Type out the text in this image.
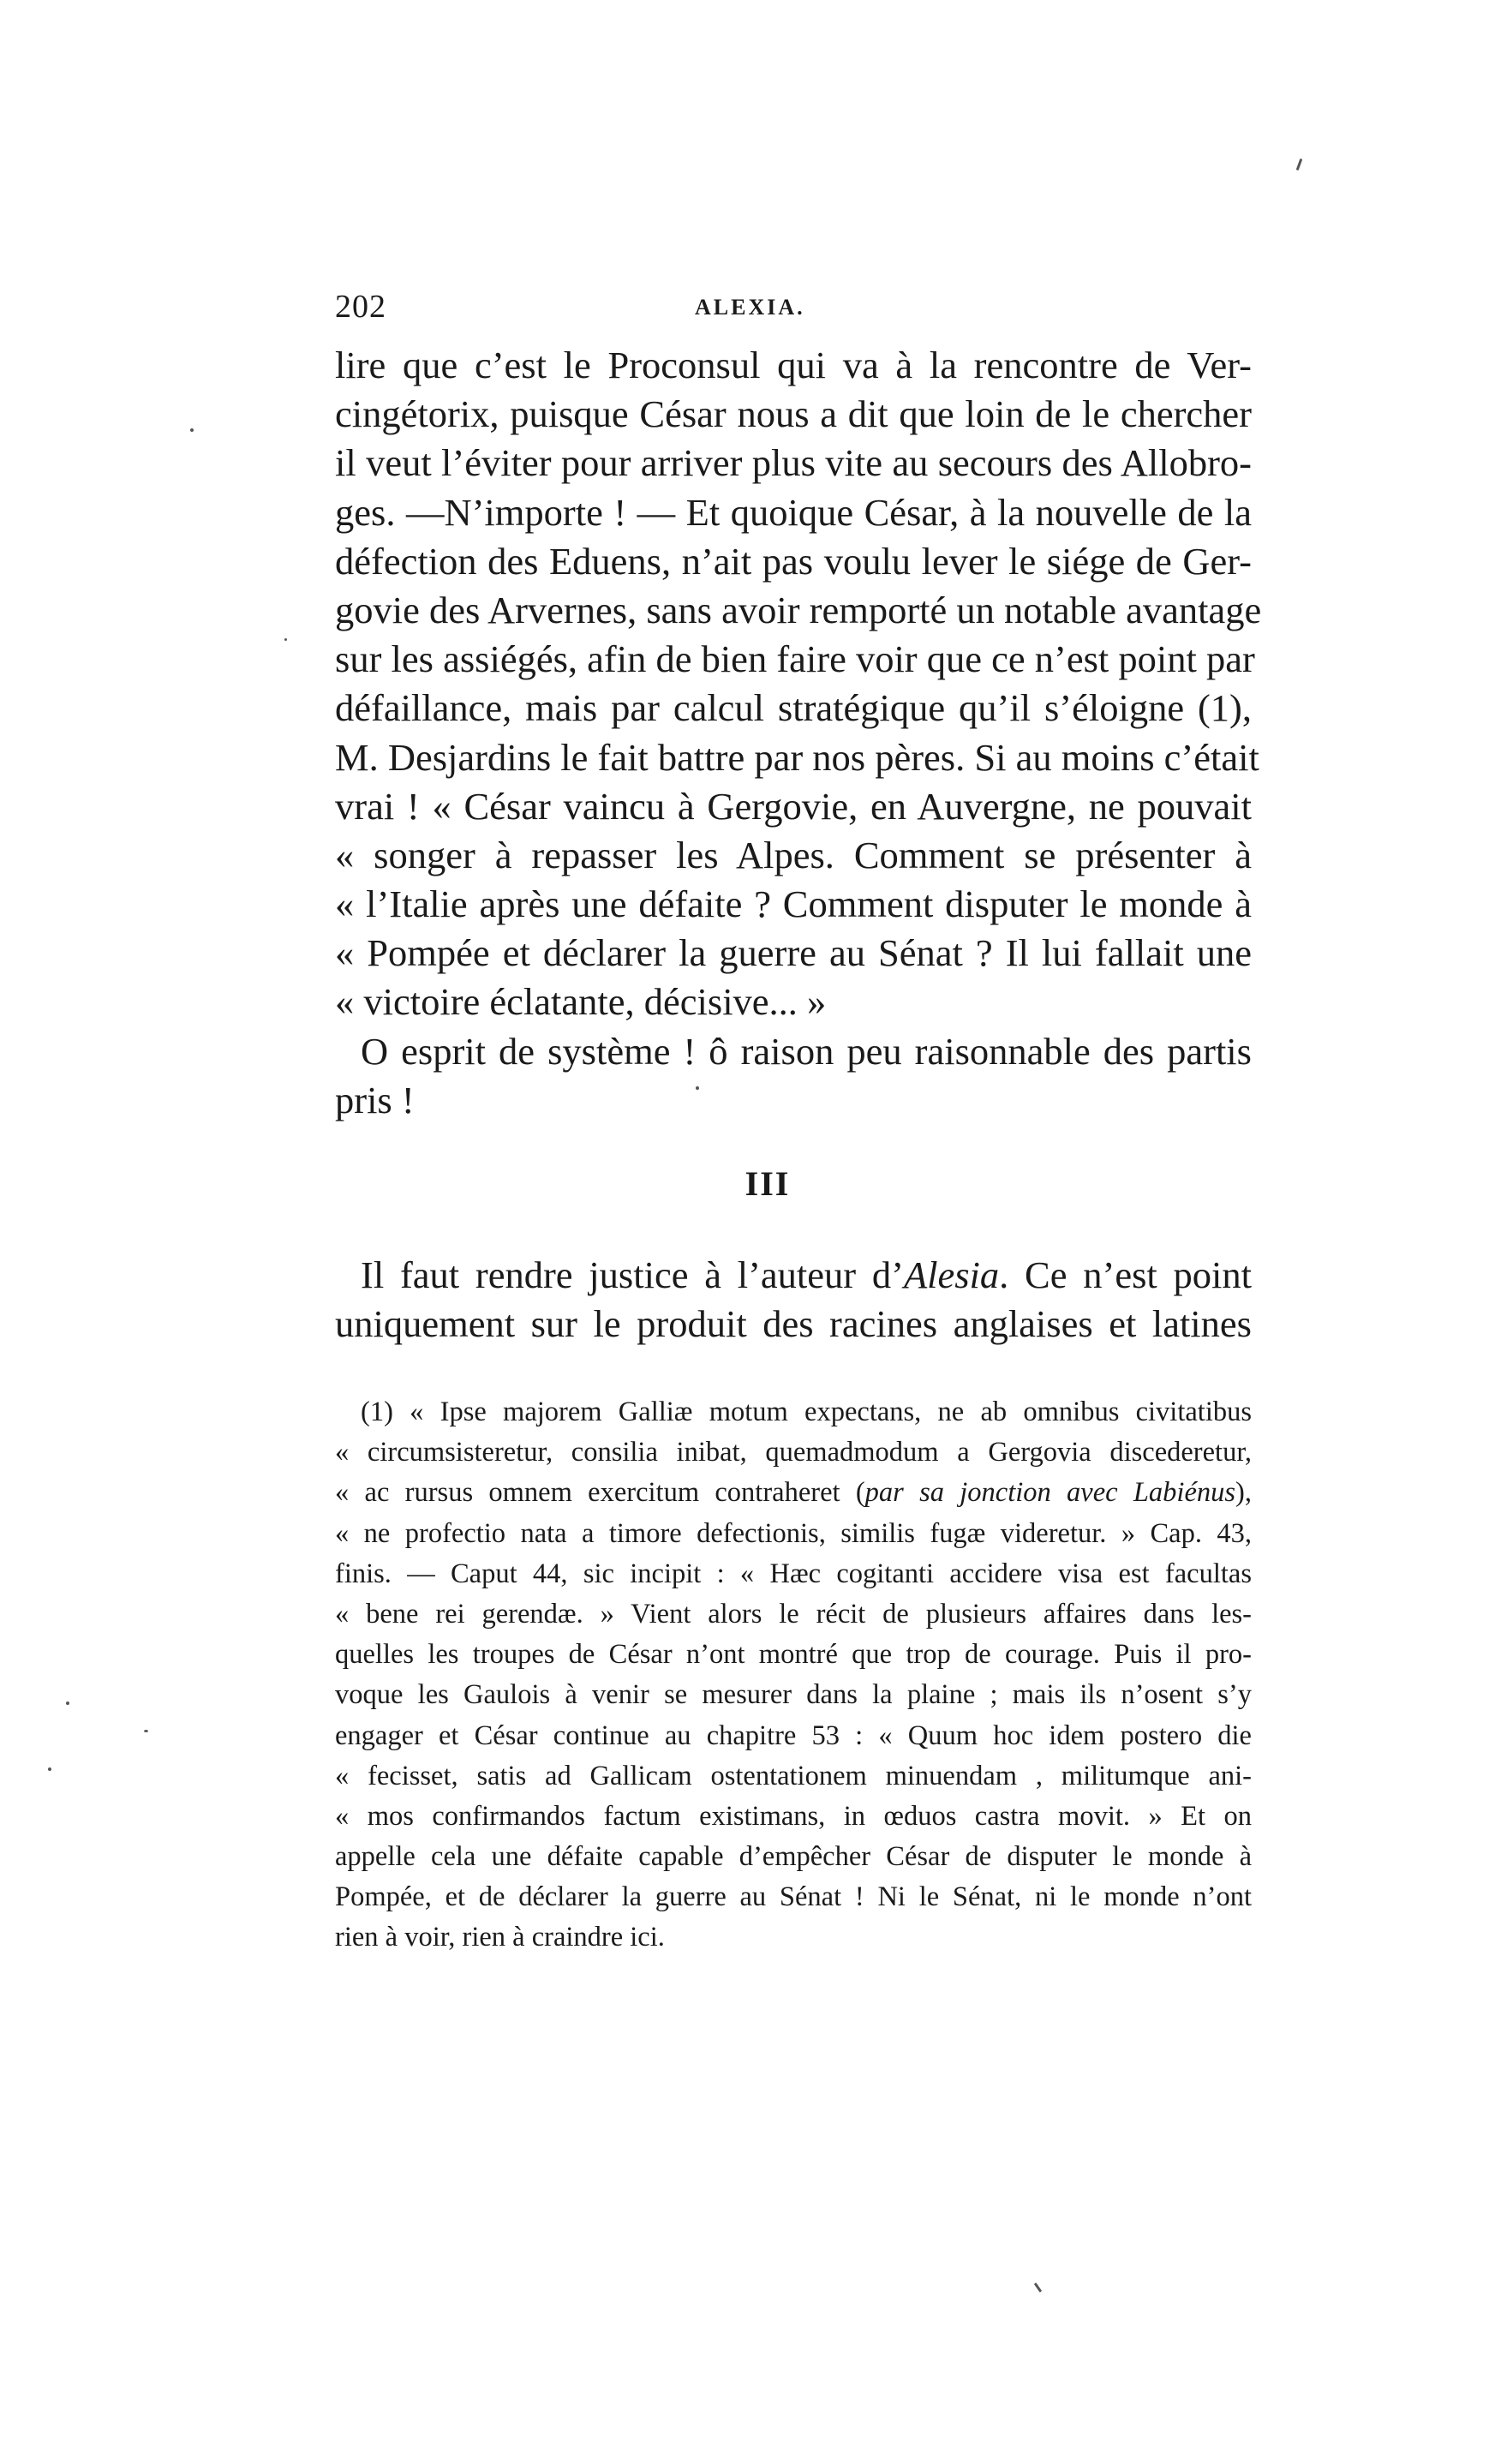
202	ALEXIA.
lire que c’est le Proconsul qui va à la rencontre de Ver-
cingétorix, puisque César nous a dit que loin de le chercher
il veut l’éviter pour arriver plus vite au secours des Allobro-
ges. —N’importe ! — Et quoique César, à la nouvelle de la
défection des Eduens, n’ait pas voulu lever le siége de Ger-
govie des Arvernes, sans avoir remporté un notable avantage
sur les assiégés, afin de bien faire voir que ce n’est point par
défaillance, mais par calcul stratégique qu’il s’éloigne (1),
M. Desjardins le fait battre par nos pères. Si au moins c’était
vrai ! « César vaincu à Gergovie, en Auvergne, ne pouvait
« songer à repasser les Alpes. Comment se présenter à
« l’Italie après une défaite ? Comment disputer le monde à
« Pompée et déclarer la guerre au Sénat ? Il lui fallait une
« victoire éclatante, décisive... »
O esprit de système ! ô raison peu raisonnable des partis
pris !
III
Il faut rendre justice à l’auteur d’Alesia. Ce n’est point
uniquement sur le produit des racines anglaises et latines
(1) « Ipse majorem Galliæ motum expectans, ne ab omnibus civitatibus
« circumsisteretur, consilia inibat, quemadmodum a Gergovia discederetur,
« ac rursus omnem exercitum contraheret (par sa jonction avec Labiénus),
« ne profectio nata a timore defectionis, similis fugæ videretur. » Cap. 43,
finis. — Caput 44, sic incipit : « Hæc cogitanti accidere visa est facultas
« bene rei gerendæ. » Vient alors le récit de plusieurs affaires dans les-
quelles les troupes de César n’ont montré que trop de courage. Puis il pro-
voque les Gaulois à venir se mesurer dans la plaine ; mais ils n’osent s’y
engager et César continue au chapitre 53 : « Quum hoc idem postero die
« fecisset, satis ad Gallicam ostentationem minuendam , militumque ani-
« mos confirmandos factum existimans, in œduos castra movit. » Et on
appelle cela une défaite capable d’empêcher César de disputer le monde à
Pompée, et de déclarer la guerre au Sénat ! Ni le Sénat, ni le monde n’ont
rien à voir, rien à craindre ici.
